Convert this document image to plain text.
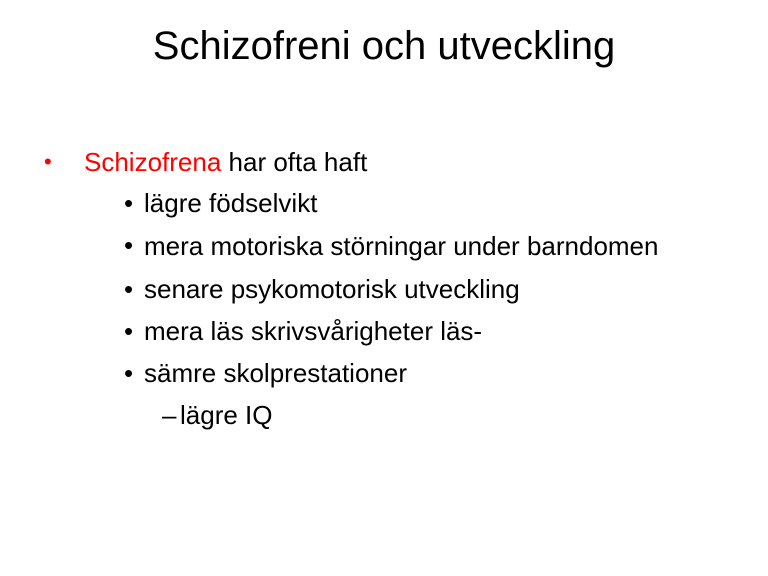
Schizofreni och utveckling
•	Schizofrena har ofta haft
• lägre födselvikt
• mera motoriska störningar under barndomen
• senare psykomotorisk utveckling
• mera läs skrivsvårigheter läs-
• sämre skolprestationer
– lägre IQ
